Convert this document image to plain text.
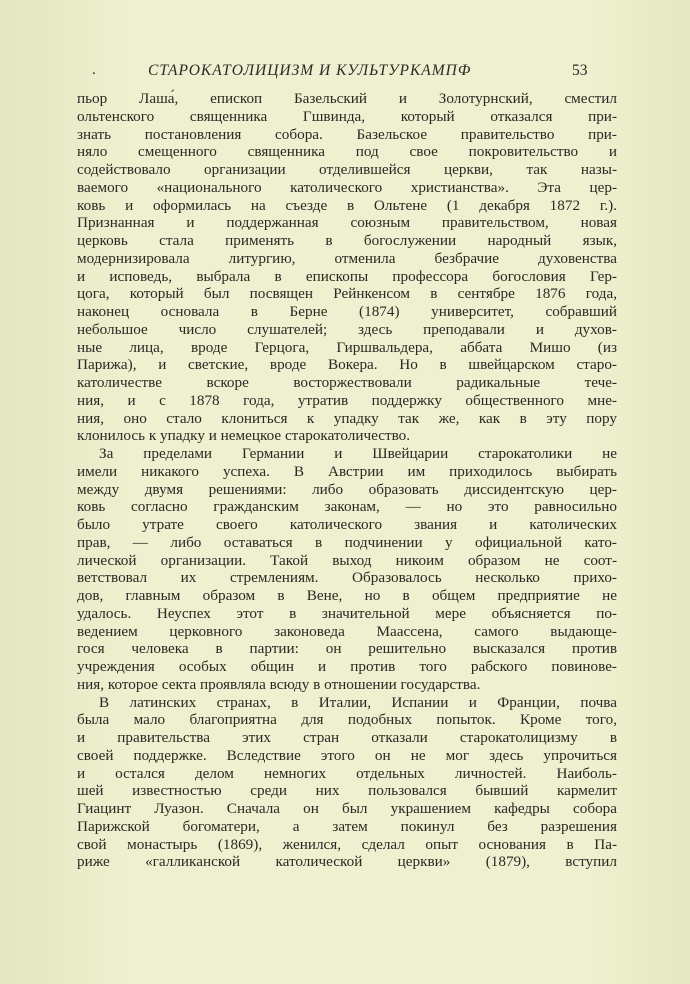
.	СТАРОКАТОЛИЦИЗМ И КУЛЬТУРКАМПФ	53
пьор Лаша́, епископ Базельский и Золотурнский, сместил
ольтенского священника Гшвинда, который отказался при-
знать постановления собора. Базельское правительство при-
няло смещенного священника под свое покровительство и
содействовало организации отделившейся церкви, так назы-
ваемого «национального католического христианства». Эта цер-
ковь и оформилась на съезде в Ольтене (1 декабря 1872 г.).
Признанная и поддержанная союзным правительством, новая
церковь стала применять в богослужении народный язык,
модернизировала литургию, отменила безбрачие духовенства
и исповедь, выбрала в епископы профессора богословия Гер-
цога, который был посвящен Рейнкенсом в сентябре 1876 года,
наконец основала в Берне (1874) университет, собравший
небольшое число слушателей; здесь преподавали и духов-
ные лица, вроде Герцога, Гиршвальдера, аббата Мишо (из
Парижа), и светские, вроде Вокера. Но в швейцарском старо-
католичестве вскоре восторжествовали радикальные тече-
ния, и с 1878 года, утратив поддержку общественного мне-
ния, оно стало клониться к упадку так же, как в эту пору
клонилось к упадку и немецкое старокатоличество.
За пределами Германии и Швейцарии старокатолики не
имели никакого успеха. В Австрии им приходилось выбирать
между двумя решениями: либо образовать диссидентскую цер-
ковь согласно гражданским законам, — но это равносильно
было утрате своего католического звания и католических
прав, — либо оставаться в подчинении у официальной като-
лической организации. Такой выход никоим образом не соот-
ветствовал их стремлениям. Образовалось несколько прихо-
дов, главным образом в Вене, но в общем предприятие не
удалось. Неуспех этот в значительной мере объясняется по-
ведением церковного законоведа Маассена, самого выдающе-
гося человека в партии: он решительно высказался против
учреждения особых общин и против того рабского повинове-
ния, которое секта проявляла всюду в отношении государства.
В латинских странах, в Италии, Испании и Франции, почва
была мало благоприятна для подобных попыток. Кроме того,
и правительства этих стран отказали старокатолицизму в
своей поддержке. Вследствие этого он не мог здесь упрочиться
и остался делом немногих отдельных личностей. Наиболь-
шей известностью среди них пользовался бывший кармелит
Гиацинт Луазон. Сначала он был украшением кафедры собора
Парижской богоматери, а затем покинул без разрешения
свой монастырь (1869), женился, сделал опыт основания в Па-
риже «галликанской католической церкви» (1879), вступил
